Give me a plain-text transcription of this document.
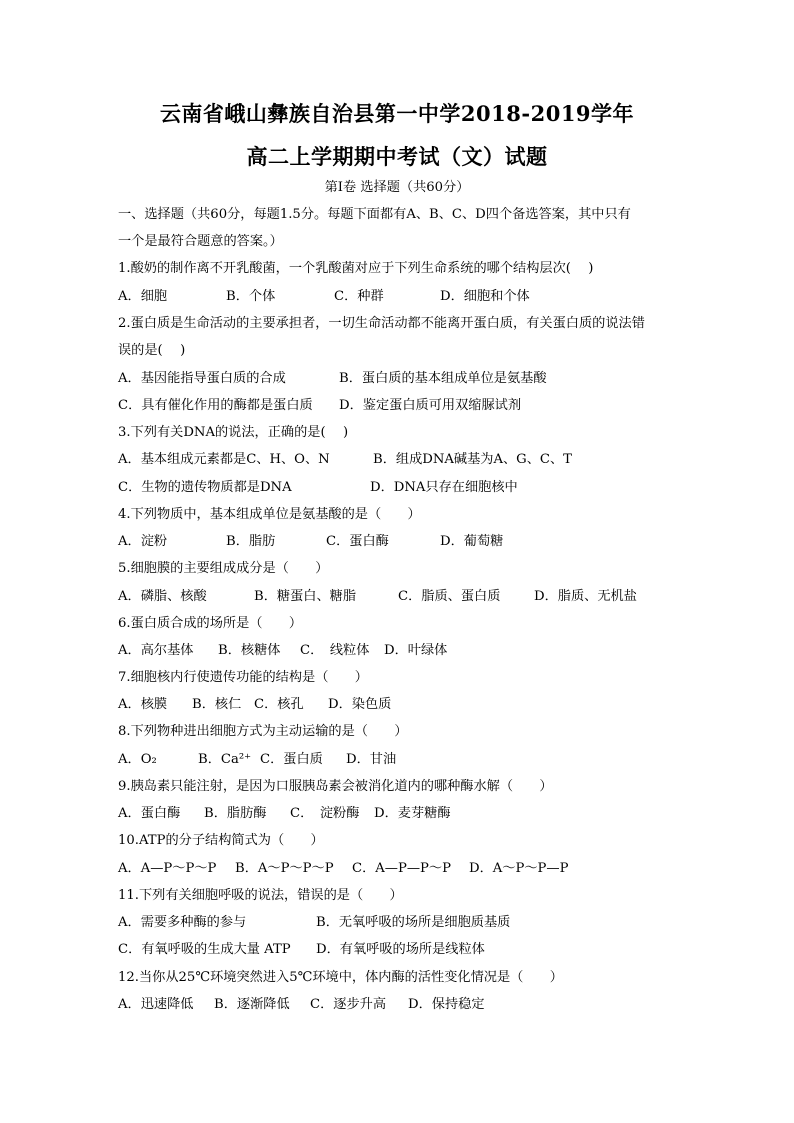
云南省峨山彝族自治县第一中学2018-2019学年
高二上学期期中考试（文）试题
第Ⅰ卷 选择题（共60分）
一、选择题（共60分，每题1.5分。每题下面都有A、B、C、D四个备选答案，其中只有
一个是最符合题意的答案。）
1.酸奶的制作离不开乳酸菌，一个乳酸菌对应于下列生命系统的哪个结构层次(　 )
A．细胞	B．个体	C．种群	D．细胞和个体
2.蛋白质是生命活动的主要承担者，一切生命活动都不能离开蛋白质，有关蛋白质的说法错
误的是(　 )
A．基因能指导蛋白质的合成	B．蛋白质的基本组成单位是氨基酸
C．具有催化作用的酶都是蛋白质 D．鉴定蛋白质可用双缩脲试剂
3.下列有关DNA的说法，正确的是(　 )
A．基本组成元素都是C、H、O、N	B．组成DNA碱基为A、G、C、T
C．生物的遗传物质都是DNA	D．DNA只存在细胞核中
4.下列物质中，基本组成单位是氨基酸的是（　　）
A．淀粉	B．脂肪	C．蛋白酶	D．葡萄糖
5.细胞膜的主要组成成分是（　　）
A．磷脂、核酸	B．糖蛋白、糖脂	C．脂质、蛋白质	D．脂质、无机盐
6.蛋白质合成的场所是（　　）
A．高尔基体 B．核糖体 C．　线粒体 D．叶绿体
7.细胞核内行使遗传功能的结构是（　　）
A．核膜 B．核仁 C．核孔 D．染色质
8.下列物种进出细胞方式为主动运输的是（　　）
A．O₂	B．Ca²⁺ C．蛋白质 D．甘油
9.胰岛素只能注射，是因为口服胰岛素会被消化道内的哪种酶水解（　　）
A．蛋白酶 B．脂肪酶 C．　淀粉酶 D．麦芽糖酶
10.ATP的分子结构简式为（　　）
A．A—P～P～P B．A～P～P～P C．A—P—P～P D．A～P～P—P
11.下列有关细胞呼吸的说法，错误的是（　　）
A．需要多种酶的参与	B．无氧呼吸的场所是细胞质基质
C．有氧呼吸的生成大量 ATP D．有氧呼吸的场所是线粒体
12.当你从25℃环境突然进入5℃环境中，体内酶的活性变化情况是（　　）
A．迅速降低 B．逐渐降低 C．逐步升高 D．保持稳定
